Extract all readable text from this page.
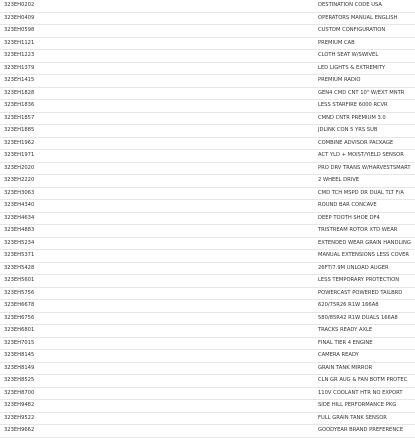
323EH0202	DESTINATION CODE USA
323EH0409	OPERATORS MANUAL ENGLISH
323EH0598	CUSTOM CONFIGURATION
323EH1121	PREMIUM CAB
323EH1223	CLOTH SEAT W/SWIVEL
323EH1379	LED LIGHTS & EXTREMITY
323EH1415	PREMIUM RADIO
323EH1828	GEN4 CMD CNT 10" W/EXT MNTR
323EH1836	LESS STARFIRE 6000 RCVR
323EH1857	CMND CNTR PREMIUM 3.0
323EH1885	JDLINK CON 5 YRS SUB
323EH1962	COMBINE ADVISOR PACKAGE
323EH1971	ACT YLD + MOIST/YIELD SENSOR
323EH2020	PRO DRV TRANS W/HARVESTSMART
323EH2220	2 WHEEL DRIVE
323EH3063	CMD TCH MSPD DR DUAL TLT F/A
323EH4340	ROUND BAR CONCAVE
323EH4634	DEEP TOOTH SHOE DF4
323EH4883	TRISTREAM ROTOR XTD WEAR
323EH5234	EXTENDED WEAR GRAIN HANDLING
323EH5371	MANUAL EXTENSIONS LESS COVER
323EH5428	26FT/7.9M UNLOAD AUGER
323EH5601	LESS TEMPORARY PROTECTION
323EH5756	POWERCAST POWERED TAILBRD
323EH6678	620/75R26 R1W 166A8
323EH6756	580/85R42 R1W DUALS 166A8
323EH6801	TRACKS READY AXLE
323EH7015	FINAL TIER 4 ENGINE
323EH8145	CAMERA READY
323EH8149	GRAIN TANK MIRROR
323EH8525	CLN GR AUG & FAN BOTM PROTEC
323EH8700	110V COOLANT HTR NO EXPORT
323EH9482	SIDE HILL PERFORMANCE PKG
323EH9522	FULL GRAIN TANK SENSOR
323EH9662	GOODYEAR BRAND PREFERENCE
